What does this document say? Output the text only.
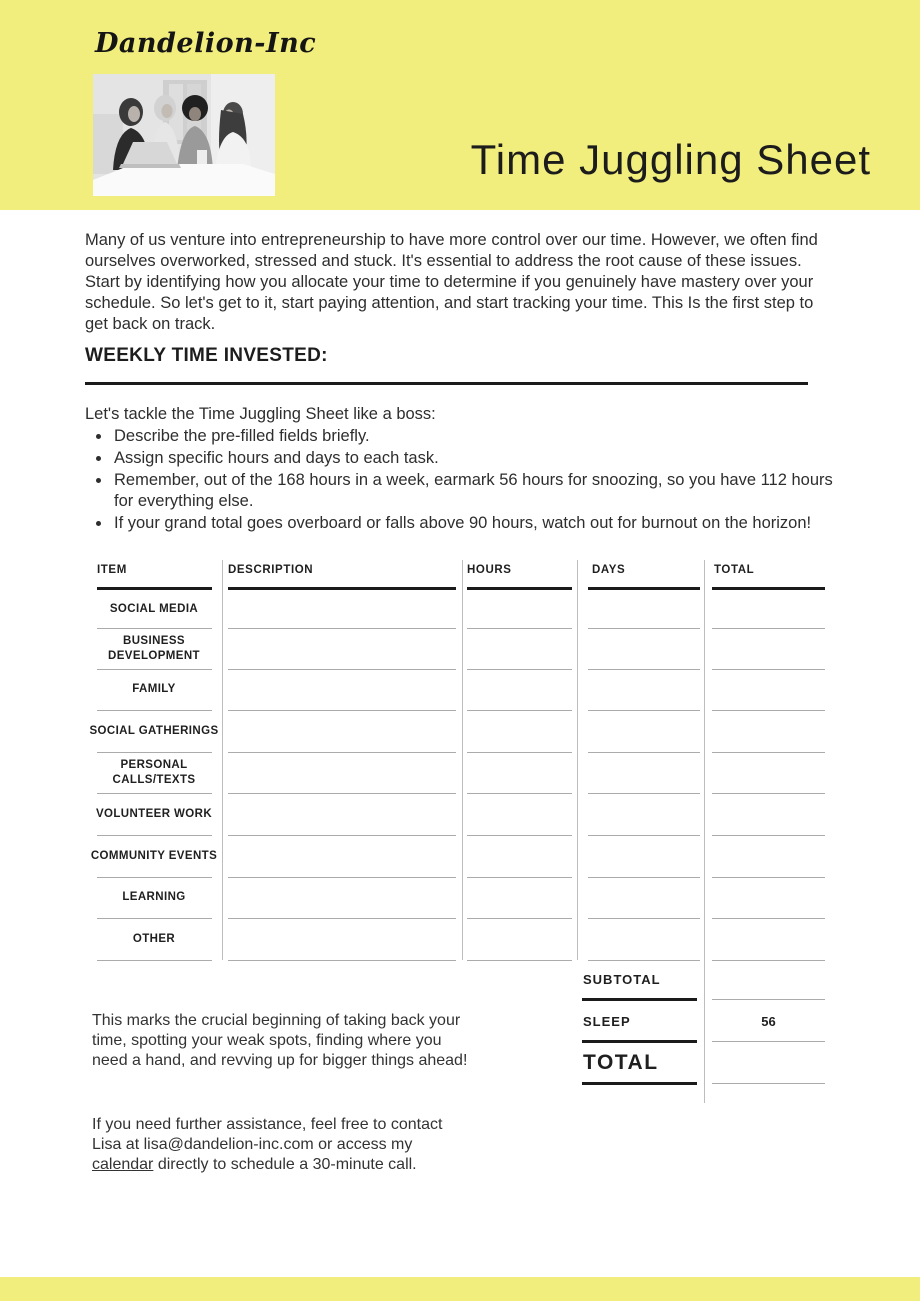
Dandelion-Inc
Time Juggling Sheet
Many of us venture into entrepreneurship to have more control over our time. However, we often find ourselves overworked, stressed and stuck. It's essential to address the root cause of these issues. Start by identifying how you allocate your time to determine if you genuinely have mastery over your schedule. So let's get to it, start paying attention, and start tracking your time. This Is the first step to get back on track.
WEEKLY TIME INVESTED:
Let's tackle the Time Juggling Sheet like a boss:
• Describe the pre-filled fields briefly.
• Assign specific hours and days to each task.
• Remember, out of the 168 hours in a week, earmark 56 hours for snoozing, so you have 112 hours for everything else.
• If your grand total goes overboard or falls above 90 hours, watch out for burnout on the horizon!
ITEM	DESCRIPTION	HOURS	DAYS	TOTAL
SOCIAL MEDIA
BUSINESS DEVELOPMENT
FAMILY
SOCIAL GATHERINGS
PERSONAL CALLS/TEXTS
VOLUNTEER WORK
COMMUNITY EVENTS
LEARNING
OTHER
SUBTOTAL
SLEEP	56
TOTAL
This marks the crucial beginning of taking back your time, spotting your weak spots, finding where you need a hand, and revving up for bigger things ahead!
If you need further assistance, feel free to contact Lisa at lisa@dandelion-inc.com or access my calendar directly to schedule a 30-minute call.
